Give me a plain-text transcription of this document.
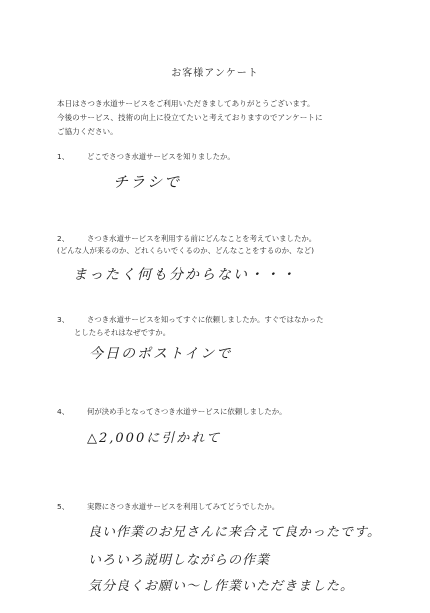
お客様アンケート
本日はさつき水道サービスをご利用いただきましてありがとうございます。
今後のサービス、技術の向上に役立てたいと考えておりますのでアンケートに
ご協力ください。
1、 どこでさつき水道サービスを知りましたか。
チラシで
2、 さつき水道サービスを利用する前にどんなことを考えていましたか。
(どんな人が来るのか、どれくらいでくるのか、どんなことをするのか、など)
まったく何も分からない・・・
3、 さつき水道サービスを知ってすぐに依頼しましたか。すぐではなかった
としたらそれはなぜですか。
今日のポストインで
4、 何が決め手となってさつき水道サービスに依頼しましたか。
△2,000に引かれて
5、 実際にさつき水道サービスを利用してみてどうでしたか。
良い作業のお兄さんに来合えて良かったです。
いろいろ説明しながらの作業
気分良くお願い～し作業いただきました。
